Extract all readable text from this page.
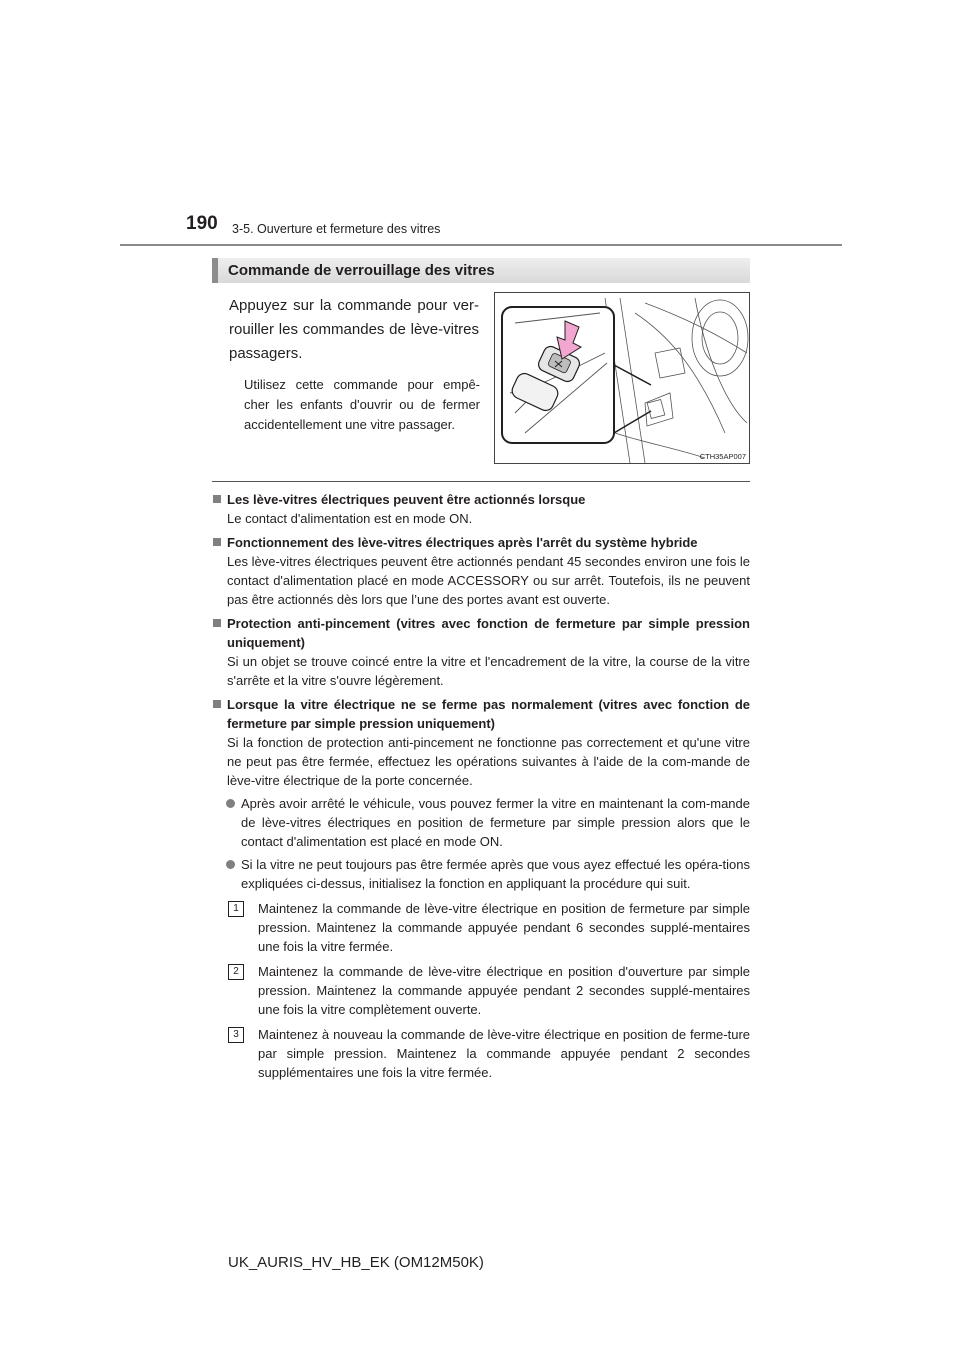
190 3-5. Ouverture et fermeture des vitres
Commande de verrouillage des vitres
Appuyez sur la commande pour ver-rouiller les commandes de lève-vitres passagers.
Utilisez cette commande pour empê-cher les enfants d'ouvrir ou de fermer accidentellement une vitre passager.
CTH35AP007
Les lève-vitres électriques peuvent être actionnés lorsque
Le contact d'alimentation est en mode ON.
Fonctionnement des lève-vitres électriques après l'arrêt du système hybride
Les lève-vitres électriques peuvent être actionnés pendant 45 secondes environ une fois le contact d'alimentation placé en mode ACCESSORY ou sur arrêt. Toutefois, ils ne peuvent pas être actionnés dès lors que l’une des portes avant est ouverte.
Protection anti-pincement (vitres avec fonction de fermeture par simple pression uniquement)
Si un objet se trouve coincé entre la vitre et l'encadrement de la vitre, la course de la vitre s'arrête et la vitre s'ouvre légèrement.
Lorsque la vitre électrique ne se ferme pas normalement (vitres avec fonction de fermeture par simple pression uniquement)
Si la fonction de protection anti-pincement ne fonctionne pas correctement et qu'une vitre ne peut pas être fermée, effectuez les opérations suivantes à l'aide de la com-mande de lève-vitre électrique de la porte concernée.
Après avoir arrêté le véhicule, vous pouvez fermer la vitre en maintenant la com-mande de lève-vitres électriques en position de fermeture par simple pression alors que le contact d'alimentation est placé en mode ON.
Si la vitre ne peut toujours pas être fermée après que vous ayez effectué les opéra-tions expliquées ci-dessus, initialisez la fonction en appliquant la procédure qui suit.
1	Maintenez la commande de lève-vitre électrique en position de fermeture par simple pression. Maintenez la commande appuyée pendant 6 secondes supplé-mentaires une fois la vitre fermée.
2	Maintenez la commande de lève-vitre électrique en position d'ouverture par simple pression. Maintenez la commande appuyée pendant 2 secondes supplé-mentaires une fois la vitre complètement ouverte.
3	Maintenez à nouveau la commande de lève-vitre électrique en position de ferme-ture par simple pression. Maintenez la commande appuyée pendant 2 secondes supplémentaires une fois la vitre fermée.
UK_AURIS_HV_HB_EK (OM12M50K)
